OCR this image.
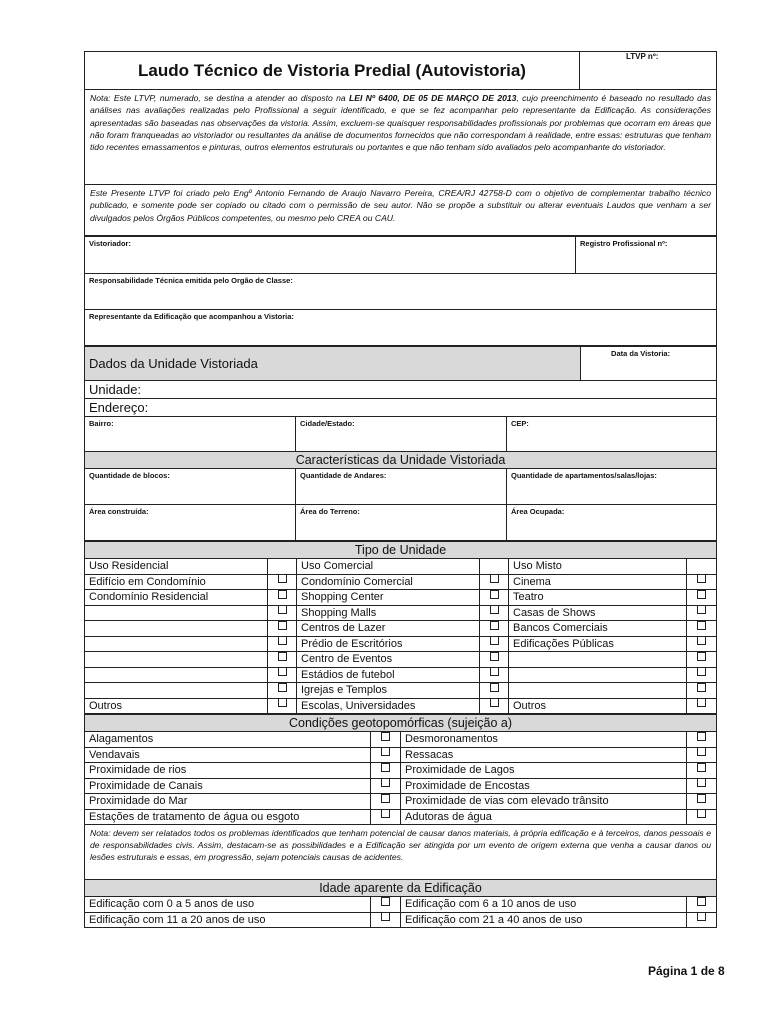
Laudo Técnico de Vistoria Predial (Autovistoria)	LTVP nº:
Nota: Este LTVP, numerado, se destina a atender ao disposto na LEI Nº 6400, DE 05 DE MARÇO DE 2013, cujo preenchimento é baseado no resultado das análises nas avaliações realizadas pelo Profissional a seguir identificado, e que se fez acompanhar pelo representante da Edificação. As considerações apresentadas são baseadas nas observações da vistoria. Assim, excluem-se quaisquer responsabilidades profissionais por problemas que ocorram em áreas que não foram franqueadas ao vistoriador ou resultantes da análise de documentos fornecidos que não correspondam à realidade, entre essas: estruturas que tenham tido recentes emassamentos e pinturas, outros elementos estruturais ou portantes e que não tenham sido avaliados pelo acompanhante do vistoriador.
Este Presente LTVP foi criado pelo Engº Antonio Fernando de Araujo Navarro Pereira, CREA/RJ 42758-D com o objetivo de complementar trabalho técnico publicado, e somente pode ser copiado ou citado com o permissão de seu autor. Não se propõe a substituir ou alterar eventuais Laudos que venham a ser divulgados pelos Órgãos Públicos competentes, ou mesmo pelo CREA ou CAU.
Vistoriador:	Registro Profissional nº:
Responsabilidade Técnica emitida pelo Orgão de Classe:
Representante da Edificação que acompanhou a Vistoria:
Dados da Unidade Vistoriada			Data da Vistoria:
Unidade:			
Endereço:			
Bairro:	Cidade/Estado:	CEP:	
Características da Unidade Vistoriada			
Quantidade de blocos:	Quantidade de Andares:	Quantidade de apartamentos/salas/lojas:	
Área construída:	Área do Terreno:	Área Ocupada:	
Tipo de Unidade					
Uso Residencial		Uso Comercial		Uso Misto	
Edifício em Condomínio		Condomínio Comercial		Cinema	
Condomínio Residencial		Shopping Center		Teatro	
		Shopping Malls		Casas de Shows	
		Centros de Lazer		Bancos Comerciais	
		Prédio de Escritórios		Edificações Públicas	
		Centro de Eventos			
		Estádios de futebol			
		Igrejas e Templos			
Outros		Escolas, Universidades		Outros	
Condições geotopomórficas (sujeição a)			
Alagamentos		Desmoronamentos	
Vendavais		Ressacas	
Proximidade de rios		Proximidade de Lagos	
Proximidade de Canais		Proximidade de Encostas	
Proximidade do Mar		Proximidade de vias com elevado trânsito	
Estações de tratamento de água ou esgoto		Adutoras de água	
Nota: devem ser relatados todos os problemas identificados que tenham potencial de causar danos materiais, à própria edificação e à terceiros, danos pessoais e de responsabilidades civis. Assim, destacam-se as possibilidades e a Edificação ser atingida por um evento de origem externa que venha a causar danos ou lesões estruturais e essas, em progressão, sejam potenciais causas de acidentes.			
Idade aparente da Edificação			
Edificação com 0 a 5 anos de uso		Edificação com 6 a 10 anos de uso	
Edificação com 11 a 20 anos de uso		Edificação com 21 a 40 anos de uso	
Página 1 de 8
